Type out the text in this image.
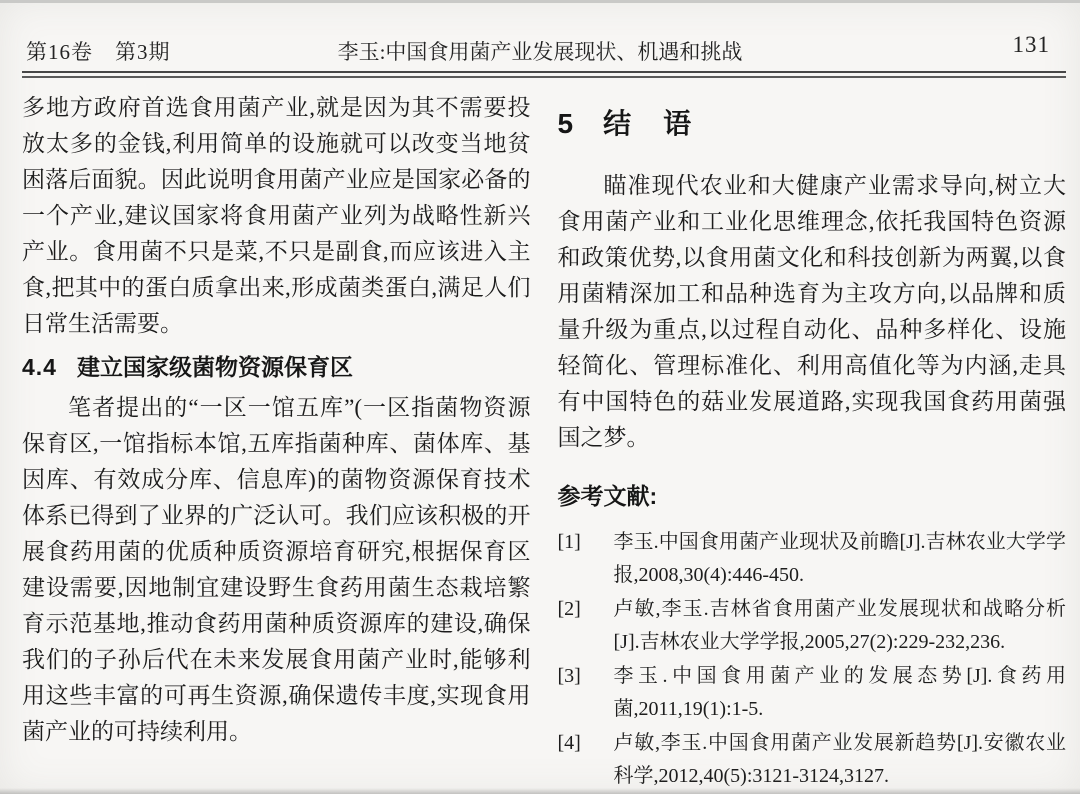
第16卷　第3期	李玉:中国食用菌产业发展现状、机遇和挑战	131

多地方政府首选食用菌产业,就是因为其不需要投放太多的金钱,利用简单的设施就可以改变当地贫困落后面貌。因此说明食用菌产业应是国家必备的一个产业,建议国家将食用菌产业列为战略性新兴产业。食用菌不只是菜,不只是副食,而应该进入主食,把其中的蛋白质拿出来,形成菌类蛋白,满足人们日常生活需要。

4.4 建立国家级菌物资源保育区

笔者提出的“一区一馆五库”(一区指菌物资源保育区,一馆指标本馆,五库指菌种库、菌体库、基因库、有效成分库、信息库)的菌物资源保育技术体系已得到了业界的广泛认可。我们应该积极的开展食药用菌的优质种质资源培育研究,根据保育区建设需要,因地制宜建设野生食药用菌生态栽培繁育示范基地,推动食药用菌种质资源库的建设,确保我们的子孙后代在未来发展食用菌产业时,能够利用这些丰富的可再生资源,确保遗传丰度,实现食用菌产业的可持续利用。

5 结　语

瞄准现代农业和大健康产业需求导向,树立大食用菌产业和工业化思维理念,依托我国特色资源和政策优势,以食用菌文化和科技创新为两翼,以食用菌精深加工和品种选育为主攻方向,以品牌和质量升级为重点,以过程自动化、品种多样化、设施轻简化、管理标准化、利用高值化等为内涵,走具有中国特色的菇业发展道路,实现我国食药用菌强国之梦。

参考文献:
[1]	李玉.中国食用菌产业现状及前瞻[J].吉林农业大学学报,2008,30(4):446-450.
[2]	卢敏,李玉.吉林省食用菌产业发展现状和战略分析[J].吉林农业大学学报,2005,27(2):229-232,236.
[3]	李玉.中国食用菌产业的发展态势[J].食药用菌,2011,19(1):1-5.
[4]	卢敏,李玉.中国食用菌产业发展新趋势[J].安徽农业科学,2012,40(5):3121-3124,3127.
